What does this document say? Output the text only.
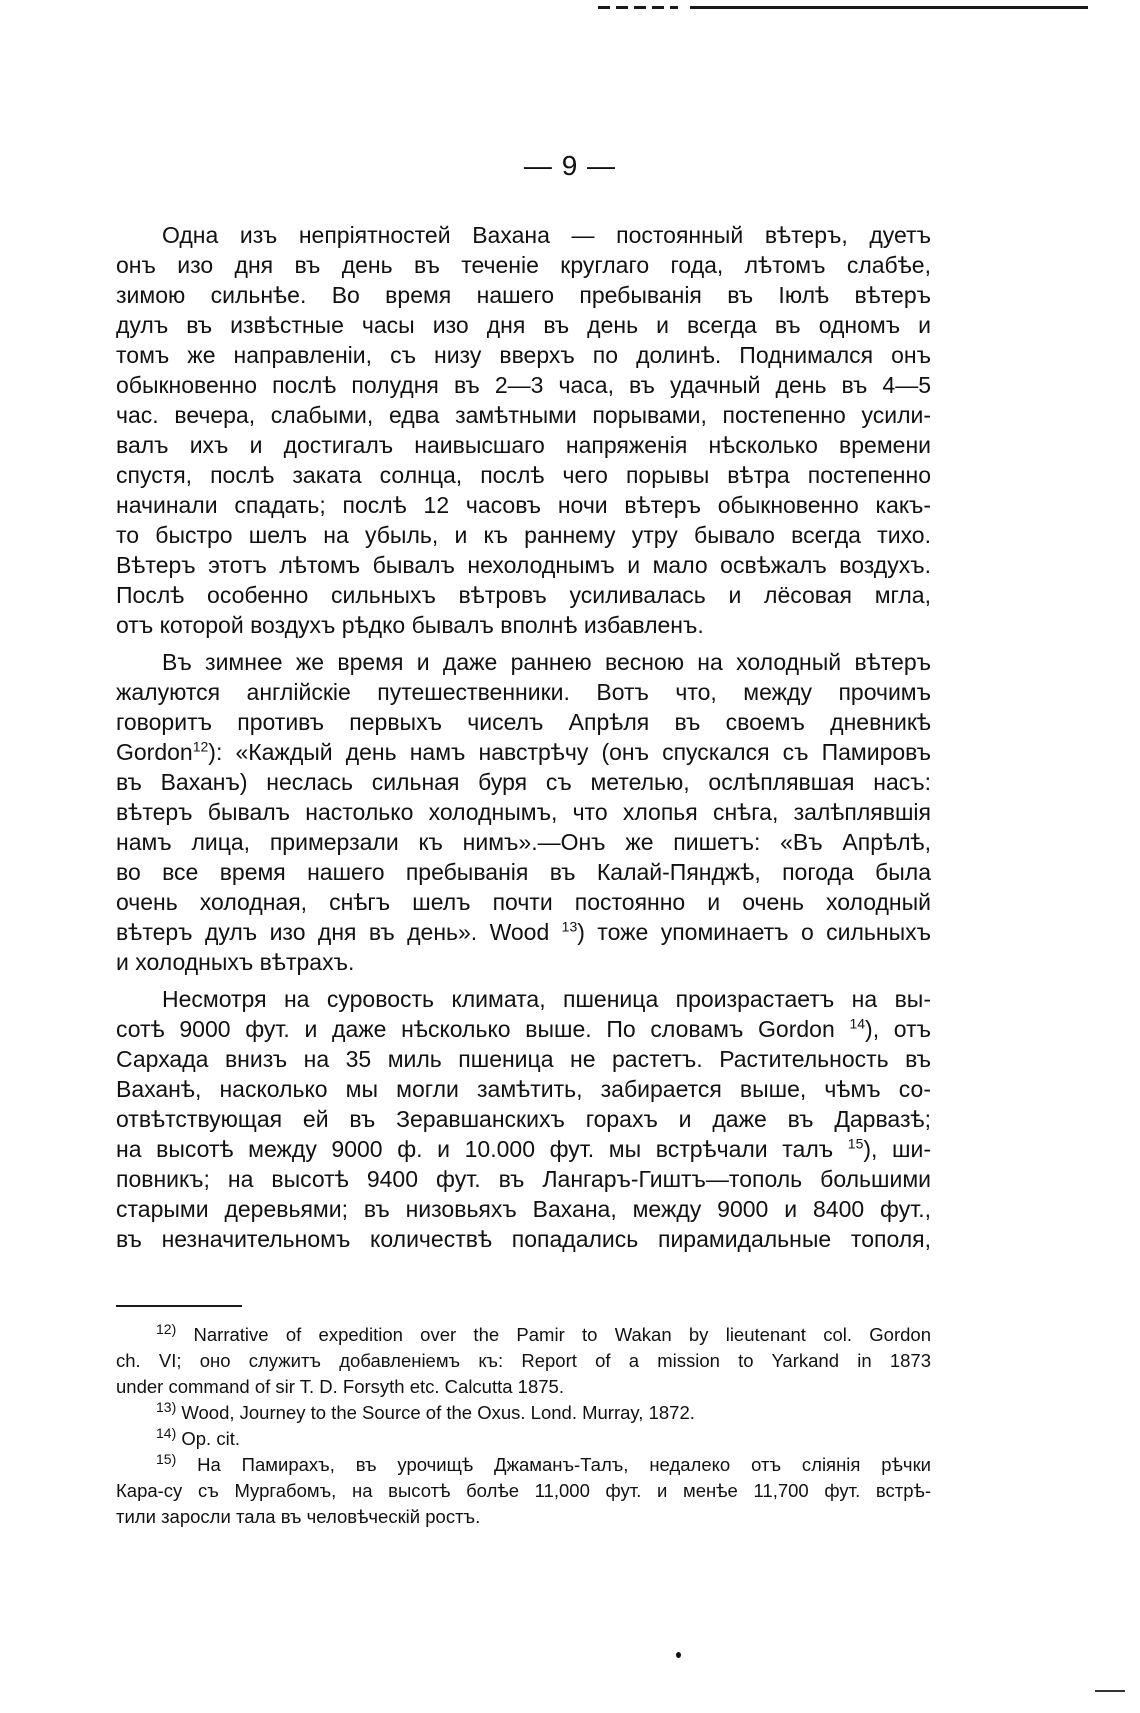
— 9 —
Одна изъ непріятностей Вахана — постоянный вѣтеръ, дуетъ
онъ изо дня въ день въ теченіе круглаго года, лѣтомъ слабѣе,
зимою сильнѣе. Во время нашего пребыванія въ Іюлѣ вѣтеръ
дулъ въ извѣстные часы изо дня въ день и всегда въ одномъ и
томъ же направленіи, съ низу вверхъ по долинѣ. Поднимался онъ
обыкновенно послѣ полудня въ 2—3 часа, въ удачный день въ 4—5
час. вечера, слабыми, едва замѣтными порывами, постепенно усили-
валъ ихъ и достигалъ наивысшаго напряженія нѣсколько времени
спустя, послѣ заката солнца, послѣ чего порывы вѣтра постепенно
начинали спадать; послѣ 12 часовъ ночи вѣтеръ обыкновенно какъ-
то быстро шелъ на убыль, и къ раннему утру бывало всегда тихо.
Вѣтеръ этотъ лѣтомъ бывалъ нехолоднымъ и мало освѣжалъ воздухъ.
Послѣ особенно сильныхъ вѣтровъ усиливалась и лёсовая мгла,
отъ которой воздухъ рѣдко бывалъ вполнѣ избавленъ.
Въ зимнее же время и даже раннею весною на холодный вѣтеръ
жалуются англійскіе путешественники. Вотъ что, между прочимъ
говоритъ противъ первыхъ чиселъ Апрѣля въ своемъ дневникѣ
Gordon$^{12}$): «Каждый день намъ навстрѣчу (онъ спускался съ Памировъ
въ Ваханъ) неслась сильная буря съ метелью, ослѣплявшая насъ:
вѣтеръ бывалъ настолько холоднымъ, что хлопья снѣга, залѣплявшія
намъ лица, примерзали къ нимъ».—Онъ же пишетъ: «Въ Апрѣлѣ,
во все время нашего пребыванія въ Калай-Пянджѣ, погода была
очень холодная, снѣгъ шелъ почти постоянно и очень холодный
вѣтеръ дулъ изо дня въ день». Wood $^{13}$) тоже упоминаетъ о сильныхъ
и холодныхъ вѣтрахъ.
Несмотря на суровость климата, пшеница произрастаетъ на вы-
сотѣ 9000 фут. и даже нѣсколько выше. По словамъ Gordon $^{14}$), отъ
Сархада внизъ на 35 миль пшеница не растетъ. Растительность въ
Ваханѣ, насколько мы могли замѣтить, забирается выше, чѣмъ со-
отвѣтствующая ей въ Зеравшанскихъ горахъ и даже въ Дарвазѣ;
на высотѣ между 9000 ф. и 10.000 фут. мы встрѣчали талъ $^{15}$), ши-
повникъ; на высотѣ 9400 фут. въ Лангаръ-Гиштъ—тополь большими
старыми деревьями; въ низовьяхъ Вахана, между 9000 и 8400 фут.,
въ незначительномъ количествѣ попадались пирамидальные тополя,
$^{12)}$ Narrative of expedition over the Pamir to Wakan by lieutenant col. Gordon
ch. VI; оно служитъ добавленіемъ къ: Report of a mission to Yarkand in 1873
under command of sir T. D. Forsyth etc. Calcutta 1875.
$^{13)}$ Wood, Journey to the Source of the Oxus. Lond. Murray, 1872.
$^{14)}$ Op. cit.
$^{15)}$ На Памирахъ, въ урочищѣ Джаманъ-Талъ, недалеко отъ сліянія рѣчки
Кара-су съ Мургабомъ, на высотѣ болѣе 11,000 фут. и менѣе 11,700 фут. встрѣ-
тили заросли тала въ человѣческій ростъ.
